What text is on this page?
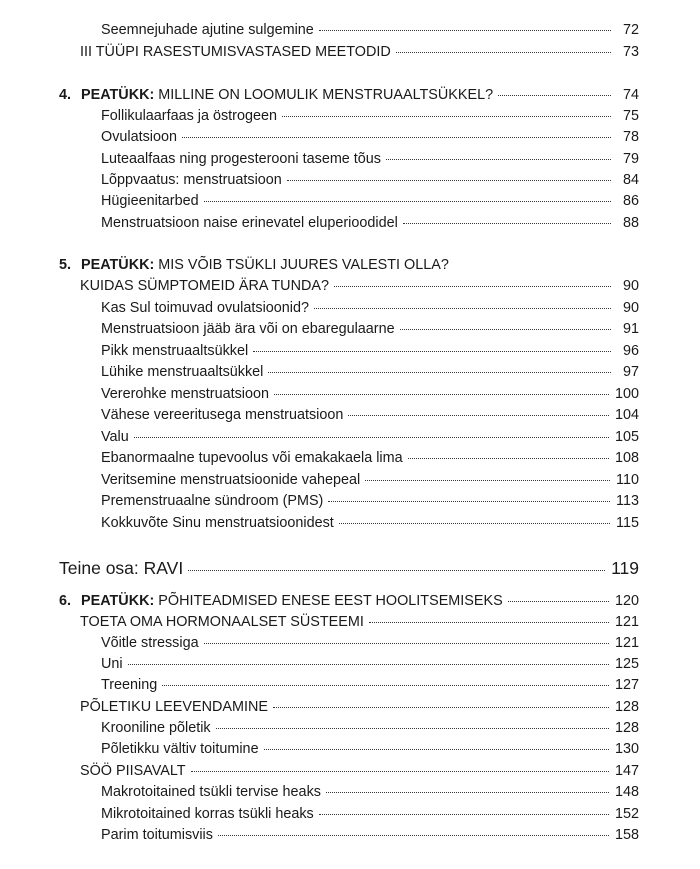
Seemnejuhade ajutine sulgemine	72
III TÜÜPI RASESTUMISVASTASED MEETODID	73
4. PEATÜKK: MILLINE ON LOOMULIK MENSTRUAALTSÜKKEL?	74
Follikulaarfaas ja östrogeen	75
Ovulatsioon	78
Luteaalfaas ning progesterooni taseme tõus	79
Lõppvaatus: menstruatsioon	84
Hügieenitarbed	86
Menstruatsioon naise erinevatel eluperioodidel	88
5. PEATÜKK: MIS VÕIB TSÜKLI JUURES VALESTI OLLA?
KUIDAS SÜMPTOMEID ÄRA TUNDA?	90
Kas Sul toimuvad ovulatsioonid?	90
Menstruatsioon jääb ära või on ebaregulaarne	91
Pikk menstruaaltsükkel	96
Lühike menstruaaltsükkel	97
Vererohke menstruatsioon	100
Vähese vereeritusega menstruatsioon	104
Valu	105
Ebanormaalne tupevoolus või emakakaela lima	108
Veritsemine menstruatsioonide vahepeal	110
Premenstruaalne sündroom (PMS)	113
Kokkuvõte Sinu menstruatsioonidest	115
Teine osa: RAVI	119
6. PEATÜKK: PÕHITEADMISED ENESE EEST HOOLITSEMISEKS	120
TOETA OMA HORMONAALSET SÜSTEEMI	121
Võitle stressiga	121
Uni	125
Treening	127
PÕLETIKU LEEVENDAMINE	128
Krooniline põletik	128
Põletikku vältiv toitumine	130
SÖÖ PIISAVALT	147
Makrotoitained tsükli tervise heaks	148
Mikrotoitained korras tsükli heaks	152
Parim toitumisviis	158
